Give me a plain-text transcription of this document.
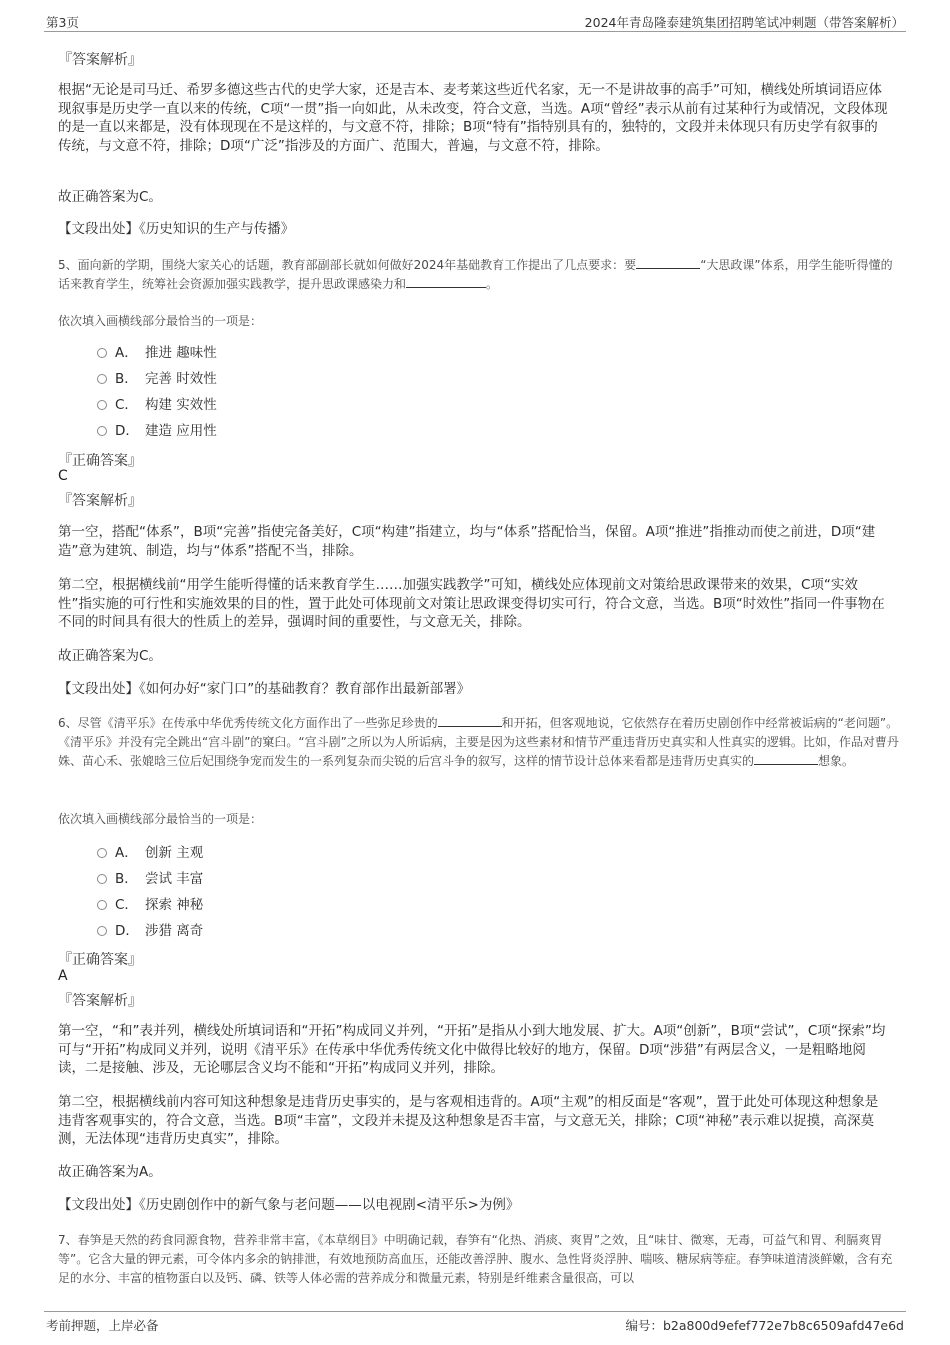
第3页	2024年青岛隆泰建筑集团招聘笔试冲刺题（带答案解析）
『答案解析』
根据“无论是司马迁、希罗多德这些古代的史学大家，还是吉本、麦考莱这些近代名家，无一不是讲故事的高手”可知，横线处所填词语应体现叙事是历史学一直以来的传统，C项“一贯”指一向如此，从未改变，符合文意，当选。A项“曾经”表示从前有过某种行为或情况，文段体现的是一直以来都是，没有体现现在不是这样的，与文意不符，排除；B项“特有”指特别具有的，独特的，文段并未体现只有历史学有叙事的传统，与文意不符，排除；D项“广泛”指涉及的方面广、范围大，普遍，与文意不符，排除。
故正确答案为C。
【文段出处】《历史知识的生产与传播》
5、面向新的学期，围绕大家关心的话题，教育部副部长就如何做好2024年基础教育工作提出了几点要求：要	“大思政课”体系，用学生能听得懂的话来教育学生，统筹社会资源加强实践教学，提升思政课感染力和	。
依次填入画横线部分最恰当的一项是：
A． 推进 趣味性
B． 完善 时效性
C． 构建 实效性
D． 建造 应用性
『正确答案』
C
『答案解析』
第一空，搭配“体系”，B项“完善”指使完备美好，C项“构建”指建立，均与“体系”搭配恰当，保留。A项“推进”指推动而使之前进，D项“建造”意为建筑、制造，均与“体系”搭配不当，排除。
第二空，根据横线前“用学生能听得懂的话来教育学生……加强实践教学”可知，横线处应体现前文对策给思政课带来的效果，C项“实效性”指实施的可行性和实施效果的目的性，置于此处可体现前文对策让思政课变得切实可行，符合文意，当选。B项“时效性”指同一件事物在不同的时间具有很大的性质上的差异，强调时间的重要性，与文意无关，排除。
故正确答案为C。
【文段出处】《如何办好“家门口”的基础教育？教育部作出最新部署》
6、尽管《清平乐》在传承中华优秀传统文化方面作出了一些弥足珍贵的	和开拓，但客观地说，它依然存在着历史剧创作中经常被诟病的“老问题”。《清平乐》并没有完全跳出“宫斗剧”的窠臼。“宫斗剧”之所以为人所诟病，主要是因为这些素材和情节严重违背历史真实和人性真实的逻辑。比如，作品对曹丹姝、苗心禾、张媲晗三位后妃围绕争宠而发生的一系列复杂而尖锐的后宫斗争的叙写，这样的情节设计总体来看都是违背历史真实的	想象。
依次填入画横线部分最恰当的一项是：
A． 创新 主观
B． 尝试 丰富
C． 探索 神秘
D． 涉猎 离奇
『正确答案』
A
『答案解析』
第一空，“和”表并列，横线处所填词语和“开拓”构成同义并列，“开拓”是指从小到大地发展、扩大。A项“创新”，B项“尝试”，C项“探索”均可与“开拓”构成同义并列，说明《清平乐》在传承中华优秀传统文化中做得比较好的地方，保留。D项“涉猎”有两层含义，一是粗略地阅读，二是接触、涉及，无论哪层含义均不能和“开拓”构成同义并列，排除。
第二空，根据横线前内容可知这种想象是违背历史事实的，是与客观相违背的。A项“主观”的相反面是“客观”，置于此处可体现这种想象是违背客观事实的，符合文意，当选。B项“丰富”，文段并未提及这种想象是否丰富，与文意无关，排除；C项“神秘”表示难以捉摸，高深莫测，无法体现“违背历史真实”，排除。
故正确答案为A。
【文段出处】《历史剧创作中的新气象与老问题——以电视剧<清平乐>为例》
7、春笋是天然的药食同源食物，营养非常丰富，《本草纲目》中明确记载，春笋有“化热、消痰、爽胃”之效，且“味甘、微寒，无毒，可益气和胃、利膈爽胃等”。它含大量的钾元素，可令体内多余的钠排泄，有效地预防高血压，还能改善浮肿、腹水、急性肾炎浮肿、喘咳、糖尿病等症。春笋味道清淡鲜嫩，含有充足的水分、丰富的植物蛋白以及钙、磷、铁等人体必需的营养成分和微量元素，特别是纤维素含量很高，可以
考前押题，上岸必备	编号：b2a800d9efef772e7b8c6509afd47e6d
